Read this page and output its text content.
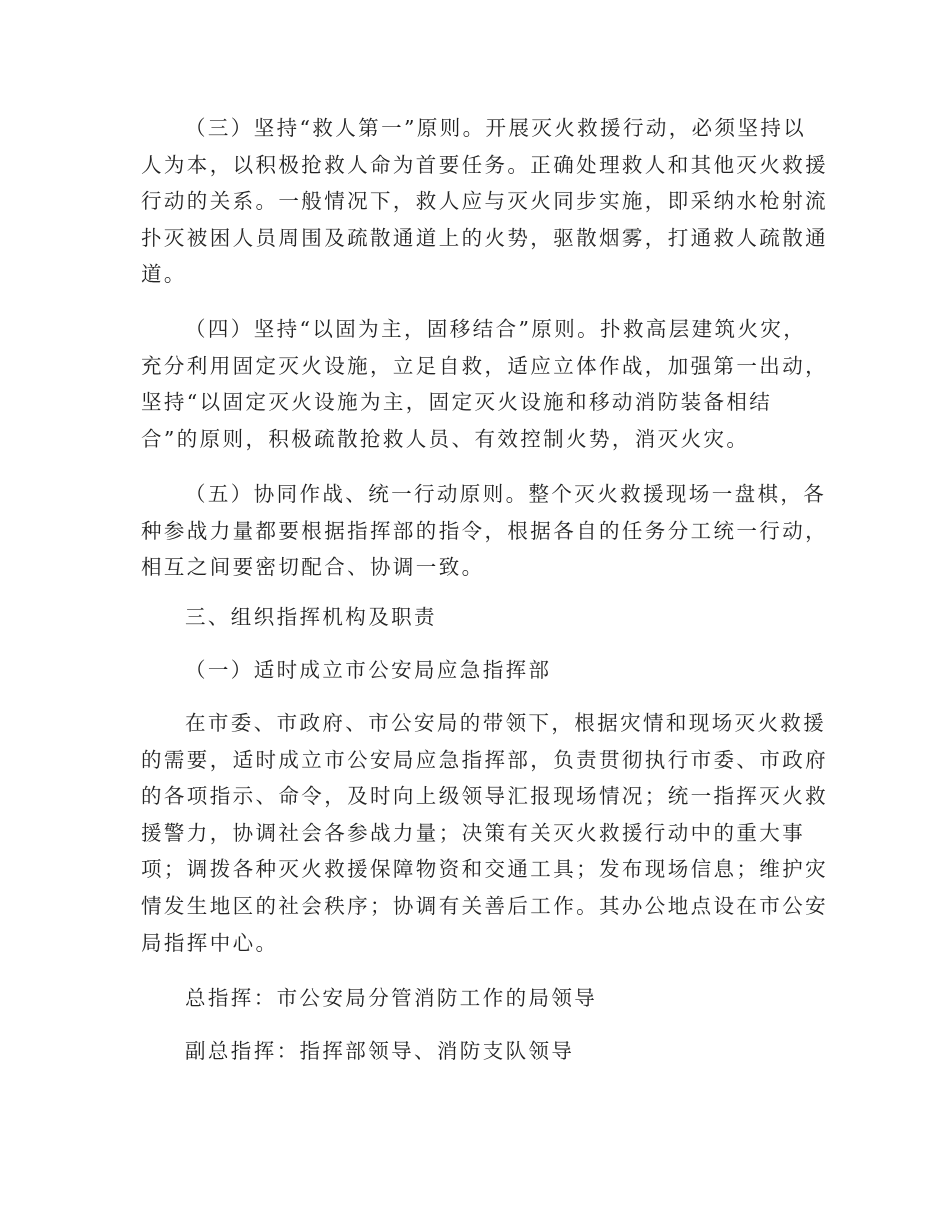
（三）坚持“救人第一”原则。开展灭火救援行动，必须坚持以
人为本，以积极抢救人命为首要任务。正确处理救人和其他灭火救援
行动的关系。一般情况下，救人应与灭火同步实施，即采纳水枪射流
扑灭被困人员周围及疏散通道上的火势，驱散烟雾，打通救人疏散通
道。
（四）坚持“以固为主，固移结合”原则。扑救高层建筑火灾，
充分利用固定灭火设施，立足自救，适应立体作战，加强第一出动，
坚持“以固定灭火设施为主，固定灭火设施和移动消防装备相结
合”的原则，积极疏散抢救人员、有效控制火势，消灭火灾。
（五）协同作战、统一行动原则。整个灭火救援现场一盘棋，各
种参战力量都要根据指挥部的指令，根据各自的任务分工统一行动，
相互之间要密切配合、协调一致。
三、组织指挥机构及职责
（一）适时成立市公安局应急指挥部
在市委、市政府、市公安局的带领下，根据灾情和现场灭火救援
的需要，适时成立市公安局应急指挥部，负责贯彻执行市委、市政府
的各项指示、命令，及时向上级领导汇报现场情况；统一指挥灭火救
援警力，协调社会各参战力量；决策有关灭火救援行动中的重大事
项；调拨各种灭火救援保障物资和交通工具；发布现场信息；维护灾
情发生地区的社会秩序；协调有关善后工作。其办公地点设在市公安
局指挥中心。
总指挥：市公安局分管消防工作的局领导
副总指挥：指挥部领导、消防支队领导
